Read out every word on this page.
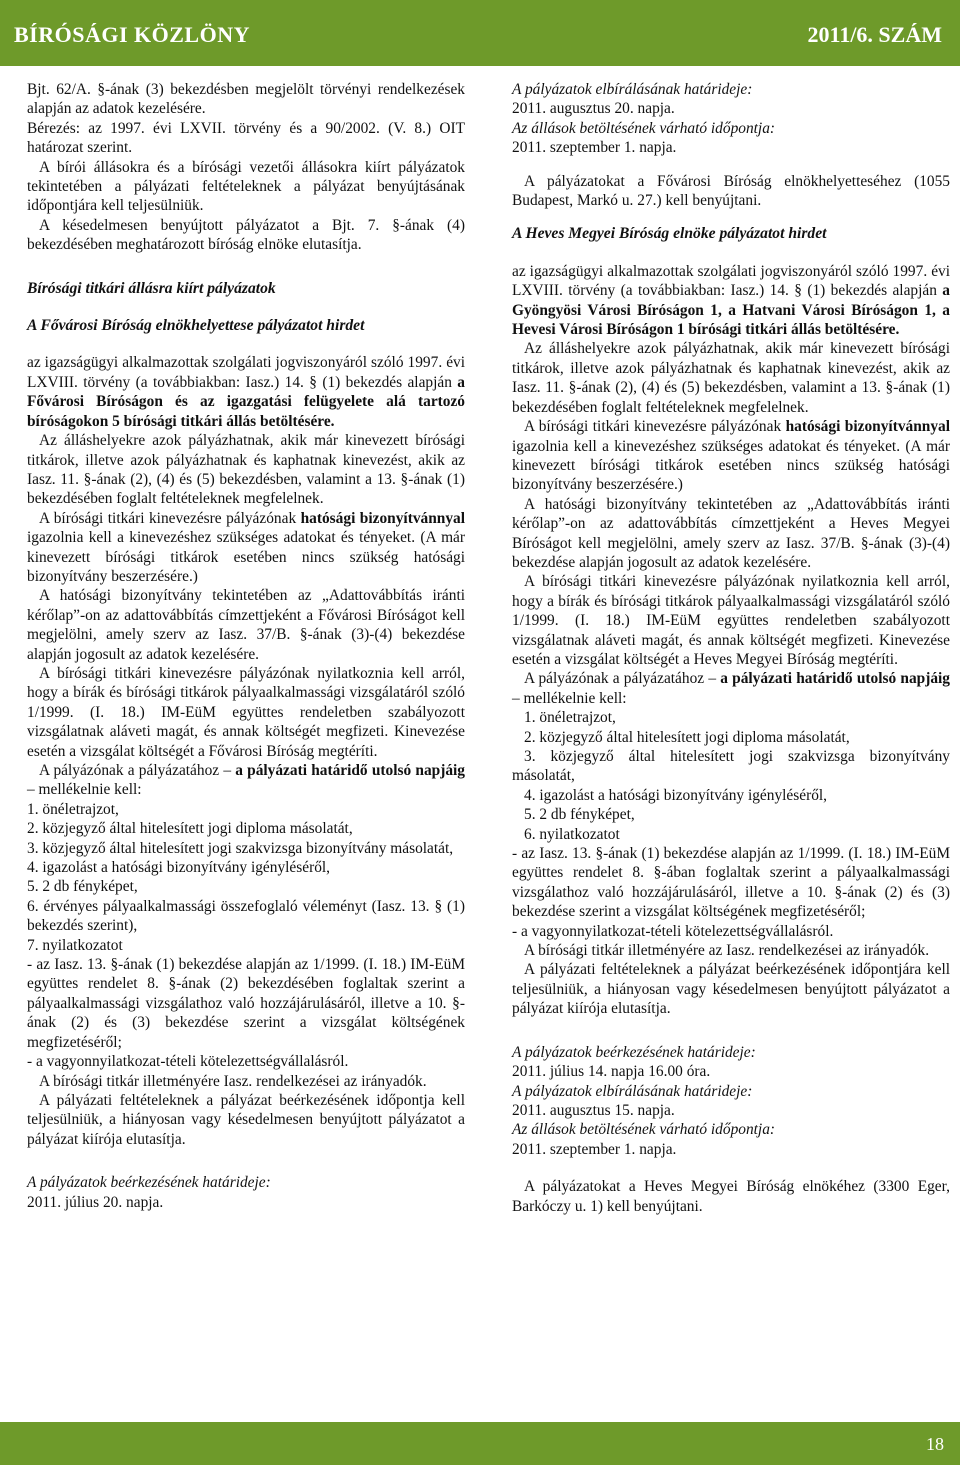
BÍRÓSÁGI KÖZLÖNY	2011/6. SZÁM

Bjt. 62/A. §-ának (3) bekezdésben megjelölt törvényi rendelkezések alapján az adatok kezelésére.

Bérezés: az 1997. évi LXVII. törvény és a 90/2002. (V. 8.) OIT határozat szerint.

A bírói állásokra és a bírósági vezetői állásokra kiírt pályázatok tekintetében a pályázati feltételeknek a pályázat benyújtásának időpontjára kell teljesülniük.

A késedelmesen benyújtott pályázatot a Bjt. 7. §-ának (4) bekezdésében meghatározott bíróság elnöke elutasítja.

Bírósági titkári állásra kiírt pályázatok

A Fővárosi Bíróság elnökhelyettese pályázatot hirdet

az igazságügyi alkalmazottak szolgálati jogviszonyáról szóló 1997. évi LXVIII. törvény (a továbbiakban: Iasz.) 14. § (1) bekezdés alapján a Fővárosi Bíróságon és az igazgatási felügyelete alá tartozó bíróságokon 5 bírósági titkári állás betöltésére.

Az álláshelyekre azok pályázhatnak, akik már kinevezett bírósági titkárok, illetve azok pályázhatnak és kaphatnak kinevezést, akik az Iasz. 11. §-ának (2), (4) és (5) bekezdésben, valamint a 13. §-ának (1) bekezdésében foglalt feltételeknek megfelelnek.

A bírósági titkári kinevezésre pályázónak hatósági bizonyítvánnyal igazolnia kell a kinevezéshez szükséges adatokat és tényeket. (A már kinevezett bírósági titkárok esetében nincs szükség hatósági bizonyítvány beszerzésére.)

A hatósági bizonyítvány tekintetében az „Adattovábbítás iránti kérőlap”-on az adattovábbítás címzettjeként a Fővárosi Bíróságot kell megjelölni, amely szerv az Iasz. 37/B. §-ának (3)-(4) bekezdése alapján jogosult az adatok kezelésére.

A bírósági titkári kinevezésre pályázónak nyilatkoznia kell arról, hogy a bírák és bírósági titkárok pályaalkalmassági vizsgálatáról szóló 1/1999. (I. 18.) IM-EüM együttes rendeletben szabályozott vizsgálatnak aláveti magát, és annak költségét megfizeti. Kinevezése esetén a vizsgálat költségét a Fővárosi Bíróság megtéríti.

A pályázónak a pályázatához – a pályázati határidő utolsó napjáig – mellékelnie kell:

1. önéletrajzot,

2. közjegyző által hitelesített jogi diploma másolatát,

3. közjegyző által hitelesített jogi szakvizsga bizonyítvány másolatát,

4. igazolást a hatósági bizonyítvány igényléséről,

5. 2 db fényképet,

6. érvényes pályaalkalmassági összefoglaló véleményt (Iasz. 13. § (1) bekezdés szerint),

7. nyilatkozatot

- az Iasz. 13. §-ának (1) bekezdése alapján az 1/1999. (I. 18.) IM-EüM együttes rendelet 8. §-ának (2) bekezdésében foglaltak szerint a pályaalkalmassági vizsgálathoz való hozzájárulásáról, illetve a 10. §-ának (2) és (3) bekezdése szerint a vizsgálat költségének megfizetéséről;

- a vagyonnyilatkozat-tételi kötelezettségvállalásról.

A bírósági titkár illetményére Iasz. rendelkezései az irányadók.

A pályázati feltételeknek a pályázat beérkezésének időpontja kell teljesülniük, a hiányosan vagy késedelmesen benyújtott pályázatot a pályázat kiírója elutasítja.

A pályázatok beérkezésének határideje:

2011. július 20. napja.

A pályázatok elbírálásának határideje:

2011. augusztus 20. napja.

Az állások betöltésének várható időpontja:

2011. szeptember 1. napja.

A pályázatokat a Fővárosi Bíróság elnökhelyetteséhez (1055 Budapest, Markó u. 27.) kell benyújtani.

A Heves Megyei Bíróság elnöke pályázatot hirdet

az igazságügyi alkalmazottak szolgálati jogviszonyáról szóló 1997. évi LXVIII. törvény (a továbbiakban: Iasz.) 14. § (1) bekezdés alapján a Gyöngyösi Városi Bíróságon 1, a Hatvani Városi Bíróságon 1, a Hevesi Városi Bíróságon 1 bírósági titkári állás betöltésére.

Az álláshelyekre azok pályázhatnak, akik már kinevezett bírósági titkárok, illetve azok pályázhatnak és kaphatnak kinevezést, akik az Iasz. 11. §-ának (2), (4) és (5) bekezdésben, valamint a 13. §-ának (1) bekezdésében foglalt feltételeknek megfelelnek.

A bírósági titkári kinevezésre pályázónak hatósági bizonyítvánnyal igazolnia kell a kinevezéshez szükséges adatokat és tényeket. (A már kinevezett bírósági titkárok esetében nincs szükség hatósági bizonyítvány beszerzésére.)

A hatósági bizonyítvány tekintetében az „Adattovábbítás iránti kérőlap”-on az adattovábbítás címzettjeként a Heves Megyei Bíróságot kell megjelölni, amely szerv az Iasz. 37/B. §-ának (3)-(4) bekezdése alapján jogosult az adatok kezelésére.

A bírósági titkári kinevezésre pályázónak nyilatkoznia kell arról, hogy a bírák és bírósági titkárok pályaalkalmassági vizsgálatáról szóló 1/1999. (I. 18.) IM-EüM együttes rendeletben szabályozott vizsgálatnak aláveti magát, és annak költségét megfizeti. Kinevezése esetén a vizsgálat költségét a Heves Megyei Bíróság megtéríti.

A pályázónak a pályázatához – a pályázati határidő utolsó napjáig – mellékelnie kell:

1. önéletrajzot,

2. közjegyző által hitelesített jogi diploma másolatát,

3. közjegyző által hitelesített jogi szakvizsga bizonyítvány másolatát,

4. igazolást a hatósági bizonyítvány igényléséről,

5. 2 db fényképet,

6. nyilatkozatot

- az Iasz. 13. §-ának (1) bekezdése alapján az 1/1999. (I. 18.) IM-EüM együttes rendelet 8. §-ában foglaltak szerint a pályaalkalmassági vizsgálathoz való hozzájárulásáról, illetve a 10. §-ának (2) és (3) bekezdése szerint a vizsgálat költségének megfizetéséről;

- a vagyonnyilatkozat-tételi kötelezettségvállalásról.

A bírósági titkár illetményére az Iasz. rendelkezései az irányadók.

A pályázati feltételeknek a pályázat beérkezésének időpontjára kell teljesülniük, a hiányosan vagy késedelmesen benyújtott pályázatot a pályázat kiírója elutasítja.

A pályázatok beérkezésének határideje:

2011. július 14. napja 16.00 óra.

A pályázatok elbírálásának határideje:

2011. augusztus 15. napja.

Az állások betöltésének várható időpontja:

2011. szeptember 1. napja.

A pályázatokat a Heves Megyei Bíróság elnökéhez (3300 Eger, Barkóczy u. 1) kell benyújtani.

18
